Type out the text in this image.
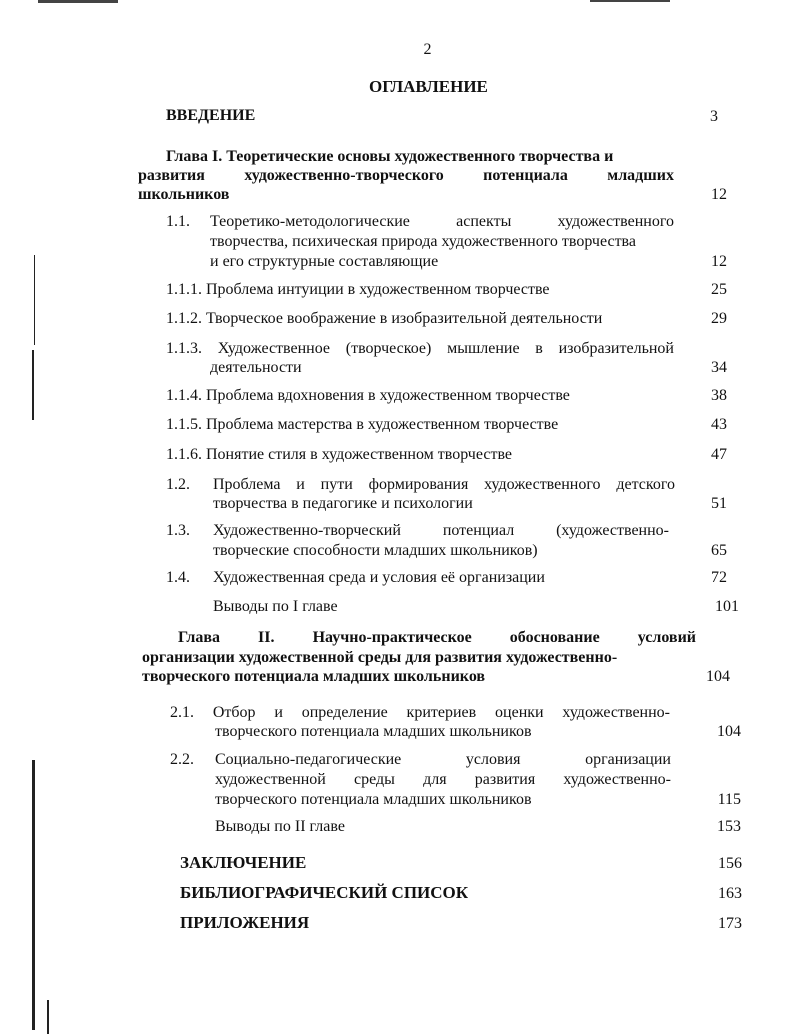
2
ОГЛАВЛЕНИЕ
ВВЕДЕНИЕ	3
Глава I. Теоретические основы художественного творчества и
развития художественно-творческого потенциала младших
школьников	12
1.1. Теоретико-методологические аспекты художественного
творчества, психическая природа художественного творчества
и его структурные составляющие	12
1.1.1. Проблема интуиции в художественном творчестве	25
1.1.2. Творческое воображение в изобразительной деятельности	29
1.1.3. Художественное (творческое) мышление в изобразительной
деятельности	34
1.1.4. Проблема вдохновения в художественном творчестве	38
1.1.5. Проблема мастерства в художественном творчестве	43
1.1.6. Понятие стиля в художественном творчестве	47
1.2. Проблема и пути формирования художественного детского
творчества в педагогике и психологии	51
1.3. Художественно-творческий потенциал (художественно-
творческие способности младших школьников)	65
1.4. Художественная среда и условия её организации	72
Выводы по I главе	101
Глава II. Научно-практическое обоснование условий
организации художественной среды для развития художественно-
творческого потенциала младших школьников	104
2.1. Отбор и определение критериев оценки художественно-
творческого потенциала младших школьников	104
2.2. Социально-педагогические условия организации
художественной среды для развития художественно-
творческого потенциала младших школьников	115
Выводы по II главе	153
ЗАКЛЮЧЕНИЕ	156
БИБЛИОГРАФИЧЕСКИЙ СПИСОК	163
ПРИЛОЖЕНИЯ	173
